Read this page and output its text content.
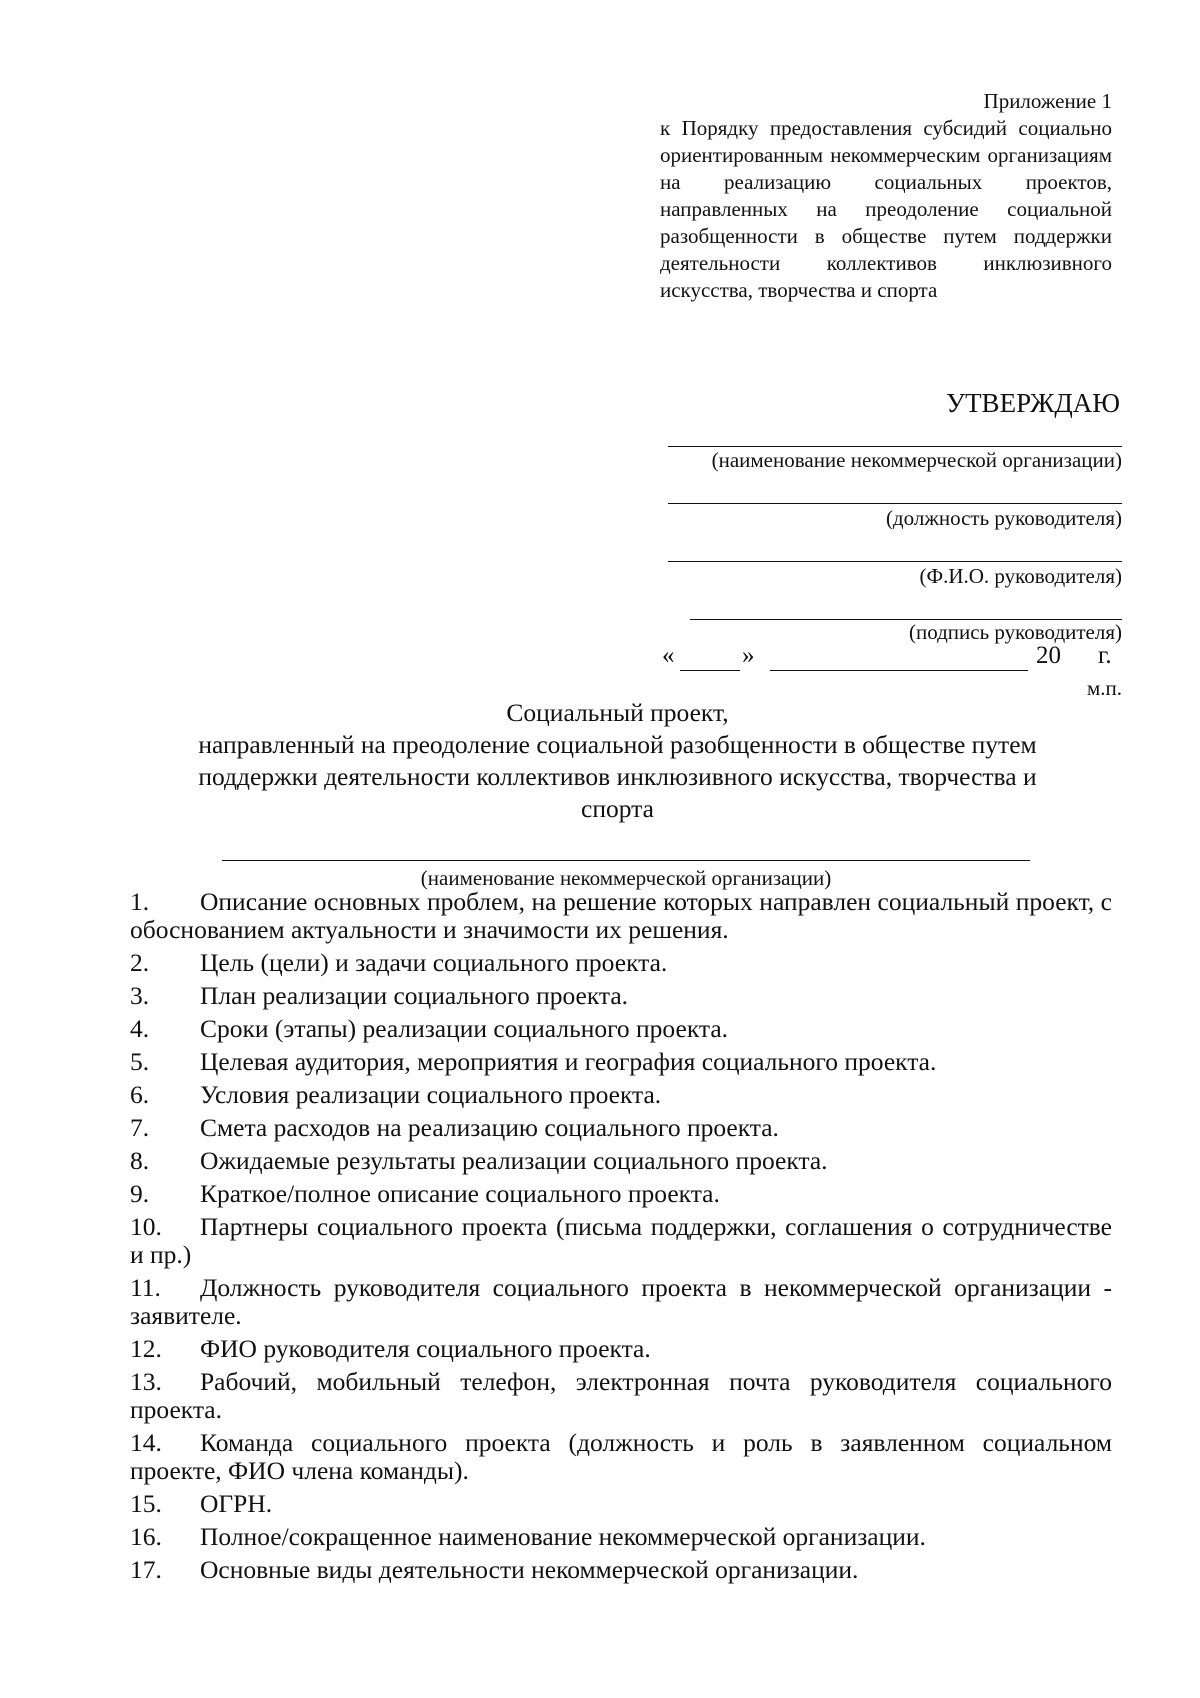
Приложение 1
к Порядку предоставления субсидий социально ориентированным некоммерческим организациям на реализацию социальных проектов, направленных на преодоление социальной разобщенности в обществе путем поддержки деятельности коллективов инклюзивного искусства, творчества и спорта
УТВЕРЖДАЮ
(наименование некоммерческой организации)
(должность руководителя)
(Ф.И.О. руководителя)
(подпись руководителя)
«	»	20 г.
м.п.
Социальный проект,
направленный на преодоление социальной разобщенности в обществе путем
поддержки деятельности коллективов инклюзивного искусства, творчества и
спорта
(наименование некоммерческой организации)
1. Описание основных проблем, на решение которых направлен социальный проект, с обоснованием актуальности и значимости их решения.
2. Цель (цели) и задачи социального проекта.
3. План реализации социального проекта.
4. Сроки (этапы) реализации социального проекта.
5. Целевая аудитория, мероприятия и география социального проекта.
6. Условия реализации социального проекта.
7. Смета расходов на реализацию социального проекта.
8. Ожидаемые результаты реализации социального проекта.
9. Краткое/полное описание социального проекта.
10. Партнеры социального проекта (письма поддержки, соглашения о сотрудничестве и пр.)
11. Должность руководителя социального проекта в некоммерческой организации - заявителе.
12. ФИО руководителя социального проекта.
13. Рабочий, мобильный телефон, электронная почта руководителя социального проекта.
14. Команда социального проекта (должность и роль в заявленном социальном проекте, ФИО члена команды).
15. ОГРН.
16. Полное/сокращенное наименование некоммерческой организации.
17. Основные виды деятельности некоммерческой организации.
